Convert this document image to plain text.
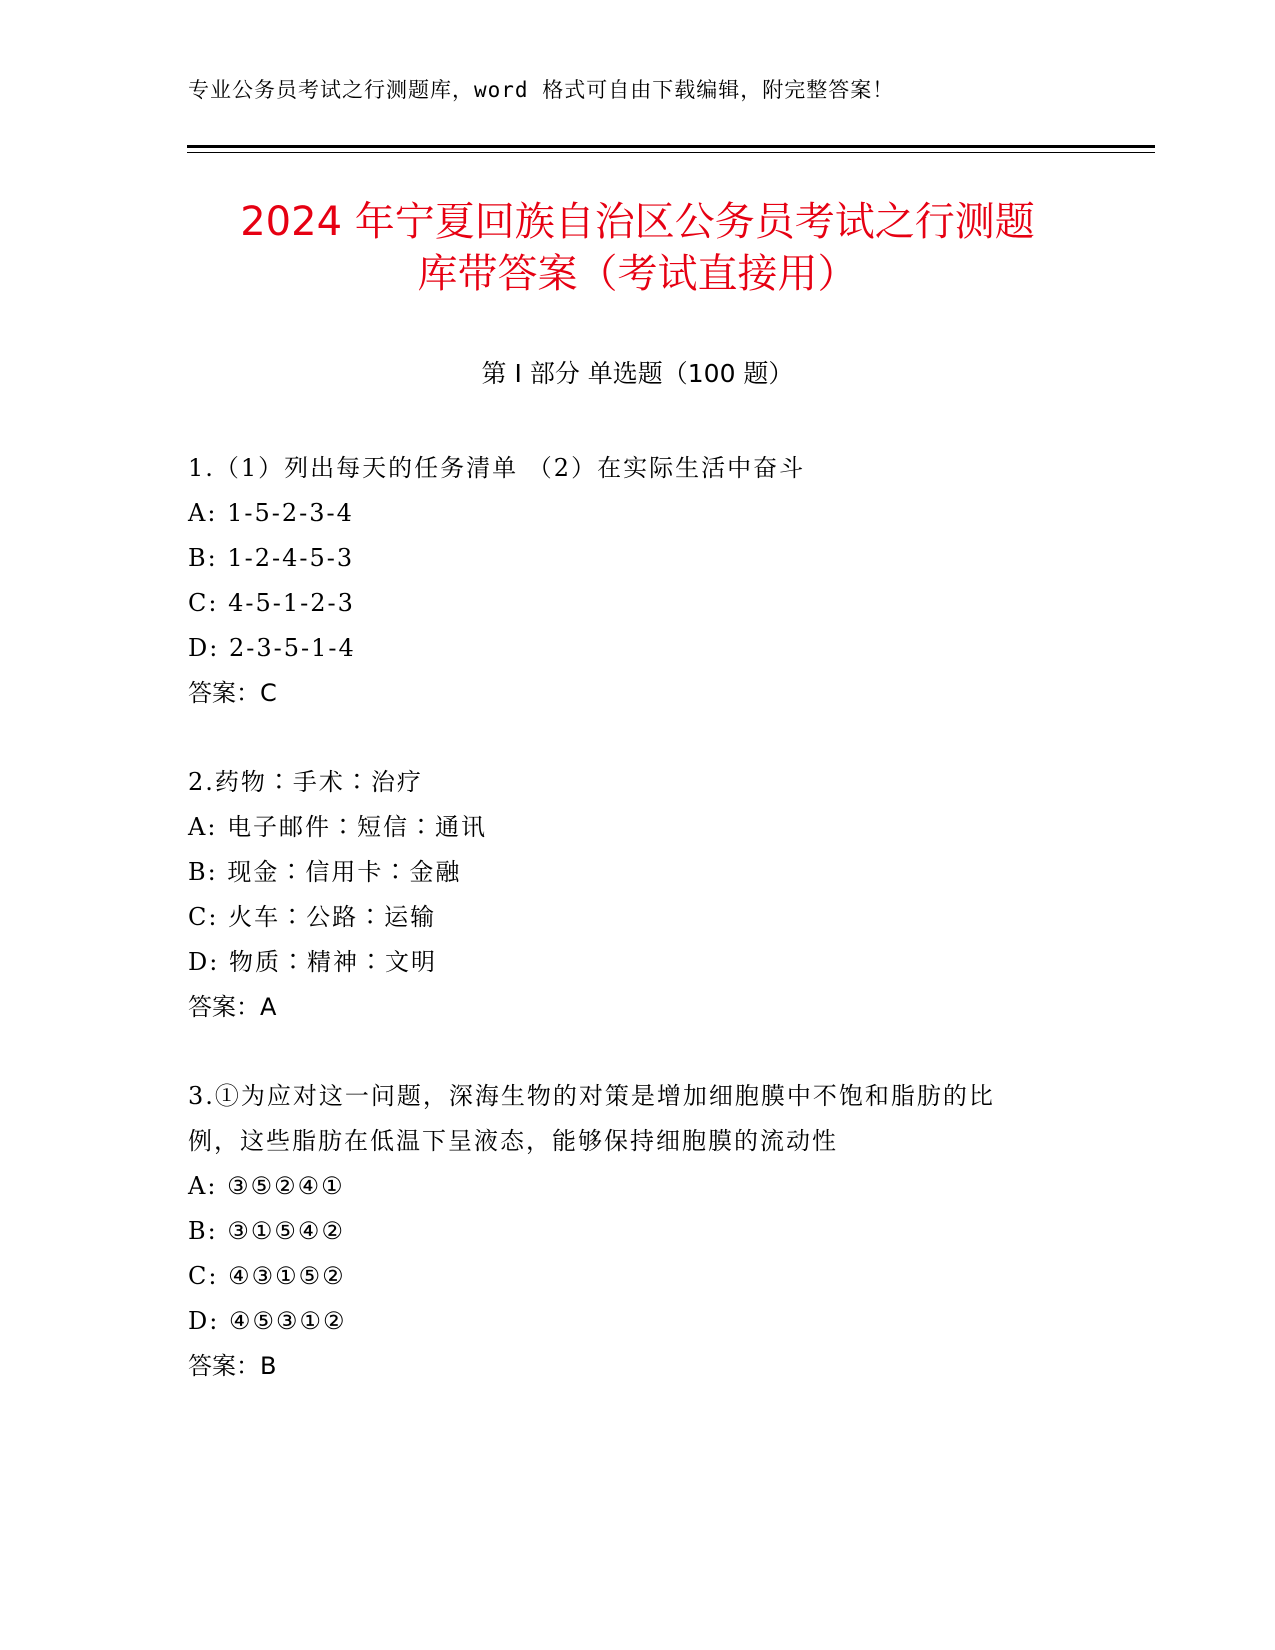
专业公务员考试之行测题库，word 格式可自由下载编辑，附完整答案！
2024 年宁夏回族自治区公务员考试之行测题
库带答案（考试直接用）
第 I 部分 单选题（100 题）
1.（1）列出每天的任务清单 （2）在实际生活中奋斗
A: 1-5-2-3-4
B: 1-2-4-5-3
C: 4-5-1-2-3
D: 2-3-5-1-4
答案：C
2.药物∶手术∶治疗
A: 电子邮件∶短信∶通讯
B: 现金∶信用卡∶金融
C: 火车∶公路∶运输
D: 物质∶精神∶文明
答案：A
3.①为应对这一问题，深海生物的对策是增加细胞膜中不饱和脂肪的比例，这些脂肪在低温下呈液态，能够保持细胞膜的流动性
A: ③⑤②④①
B: ③①⑤④②
C: ④③①⑤②
D: ④⑤③①②
答案：B
